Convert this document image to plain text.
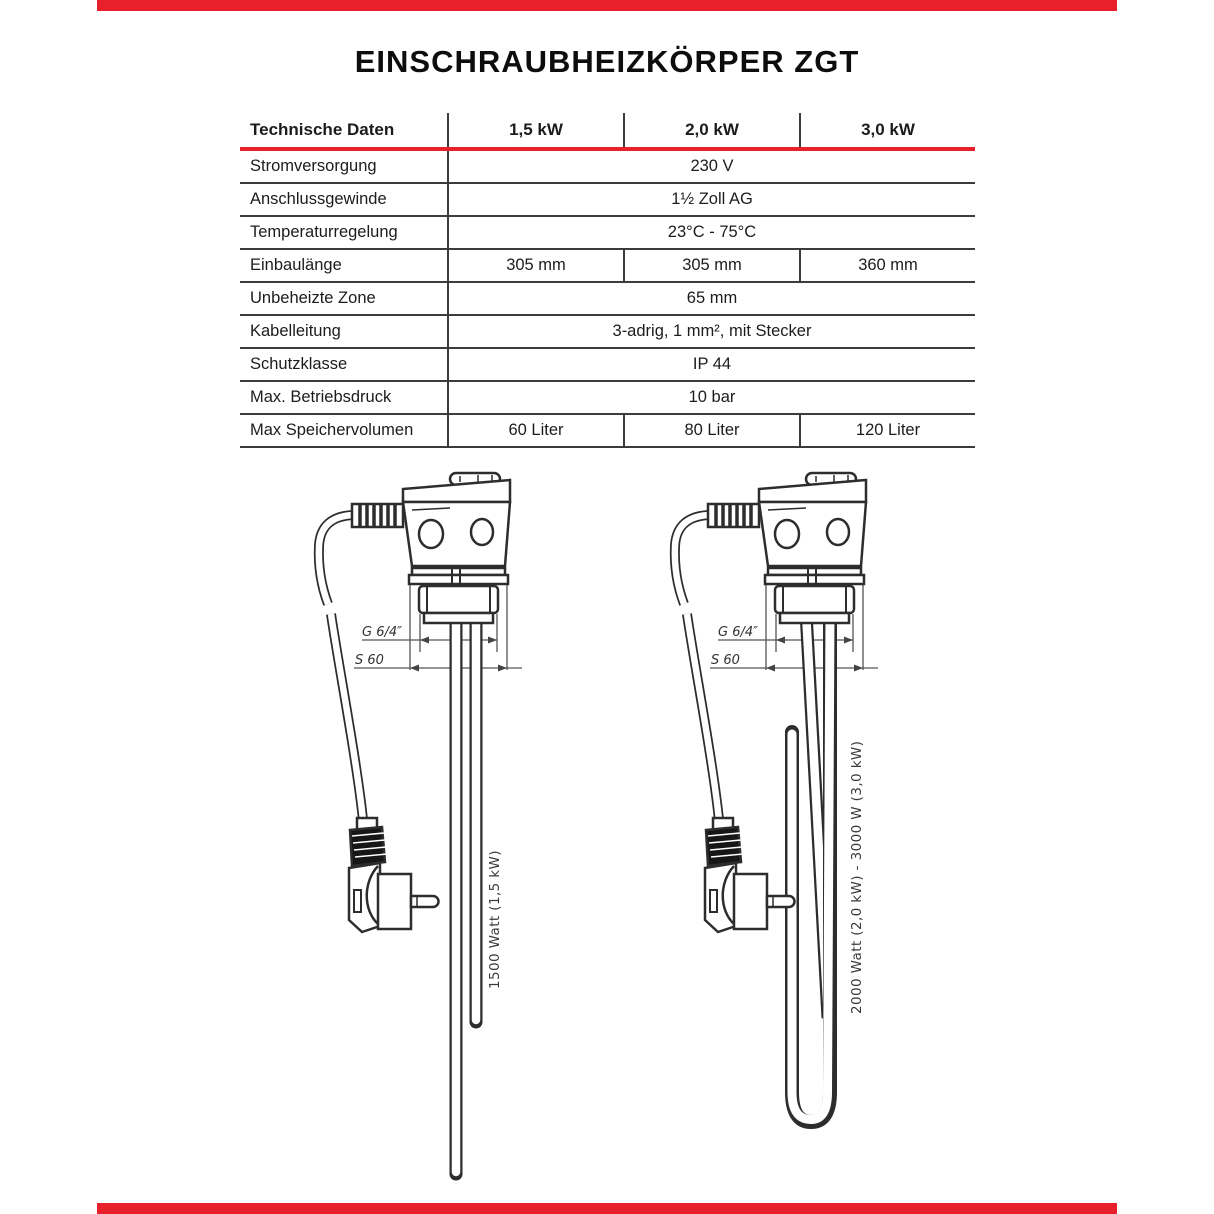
EINSCHRAUBHEIZKÖRPER ZGT
Technische Daten	1,5 kW	2,0 kW	3,0 kW
Stromversorgung	230 V
Anschlussgewinde	1½ Zoll AG
Temperaturregelung	23°C - 75°C
Einbaulänge	305 mm	305 mm	360 mm
Unbeheizte Zone	65 mm
Kabelleitung	3-adrig, 1 mm², mit Stecker
Schutzklasse	IP 44
Max. Betriebsdruck	10 bar
Max Speichervolumen	60 Liter	80 Liter	120 Liter
G 6/4″
S 60
G 6/4″
S 60
1500 Watt (1,5 kW)	2000 Watt (2,0 kW) - 3000 W (3,0 kW)
